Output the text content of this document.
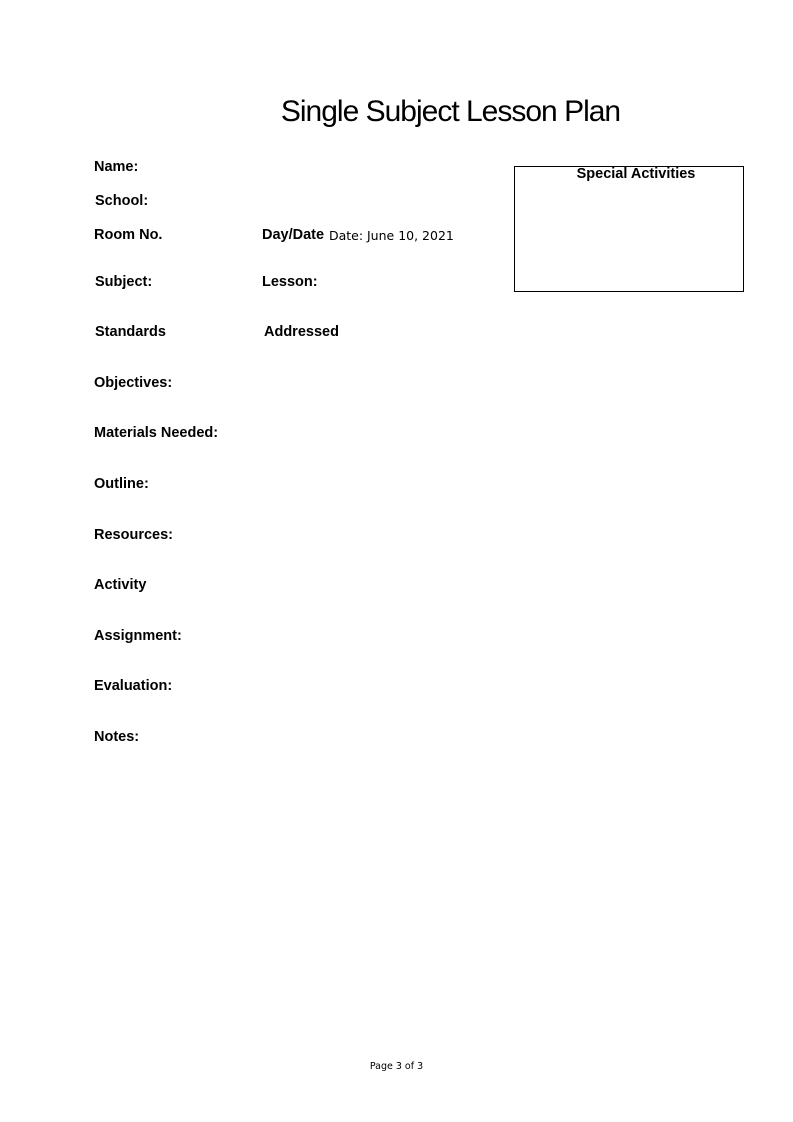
Single Subject Lesson Plan
Name:
School:
Room No.	Day/Date Date: June 10, 2021
Subject:	Lesson:
Standards	Addressed
Objectives:
Materials Needed:
Outline:
Resources:
Activity
Assignment:
Evaluation:
Notes:
Special Activities
Page 3 of 3
